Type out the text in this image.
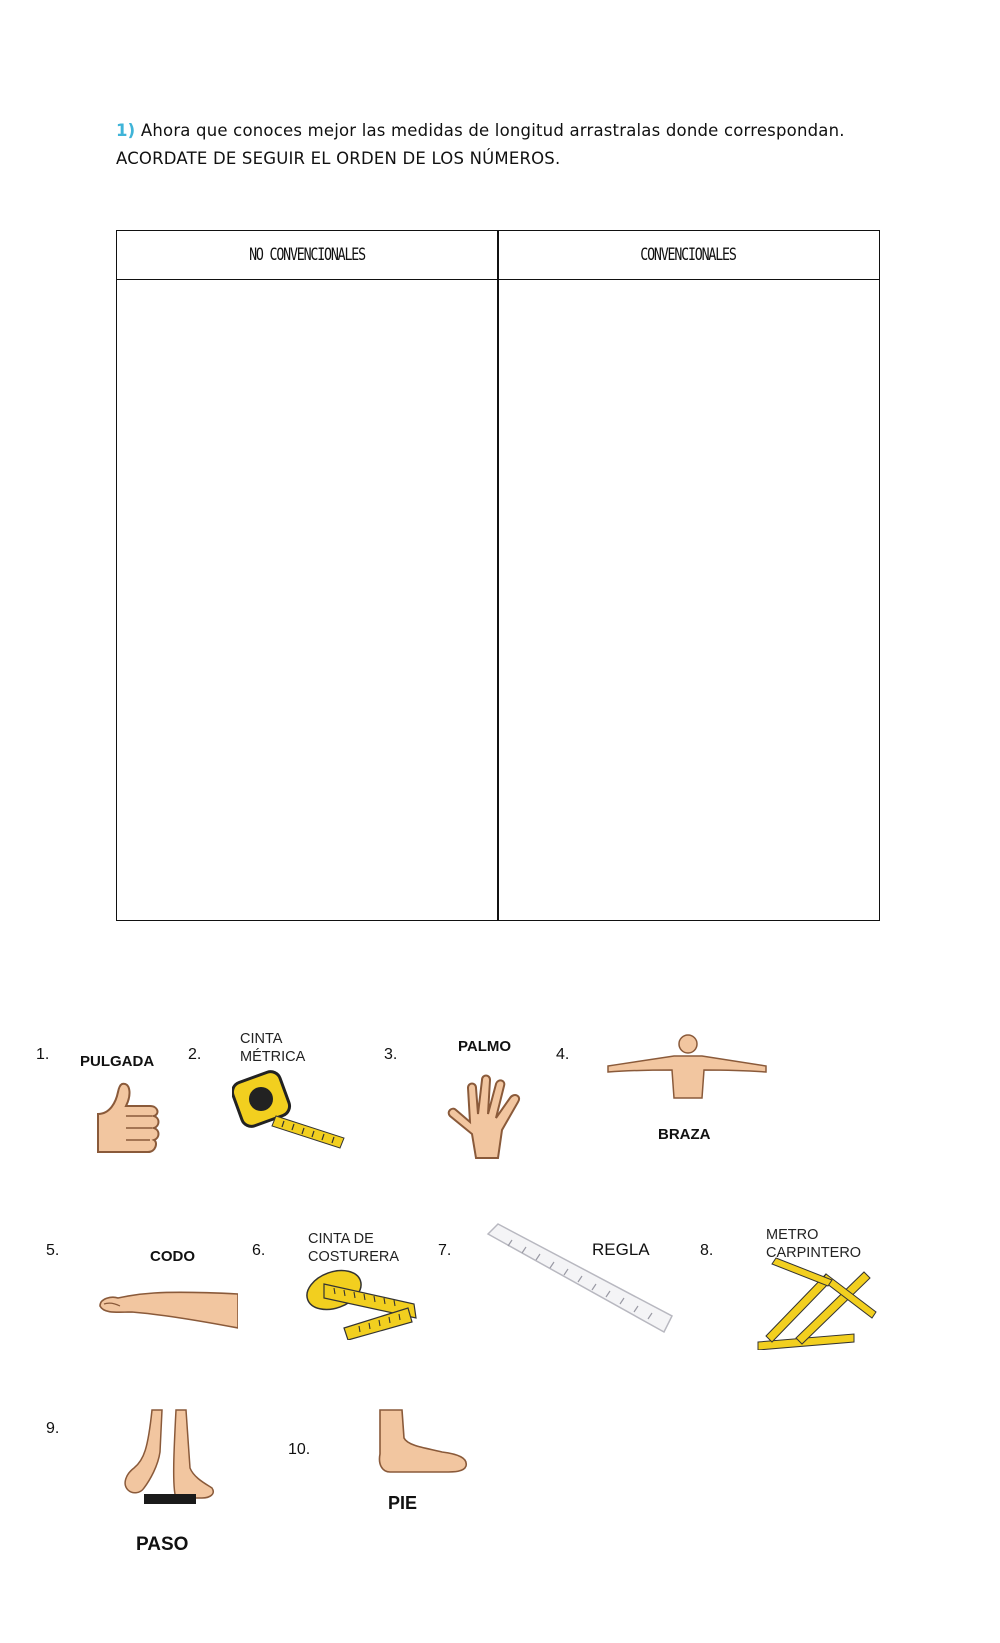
1) Ahora que conoces mejor las medidas de longitud arrastralas donde correspondan.
ACORDATE DE SEGUIR EL ORDEN DE LOS NÚMEROS.
NO CONVENCIONALES	CONVENCIONALES
1. PULGADA 2.
CINTA MÉTRICA	3.	PALMO	4.
BRAZA
5.	CODO	6.
CINTA DE COSTURERA	7.	REGLA	8.
METRO CARPINTERO
9.
PASO
10.
PIE
